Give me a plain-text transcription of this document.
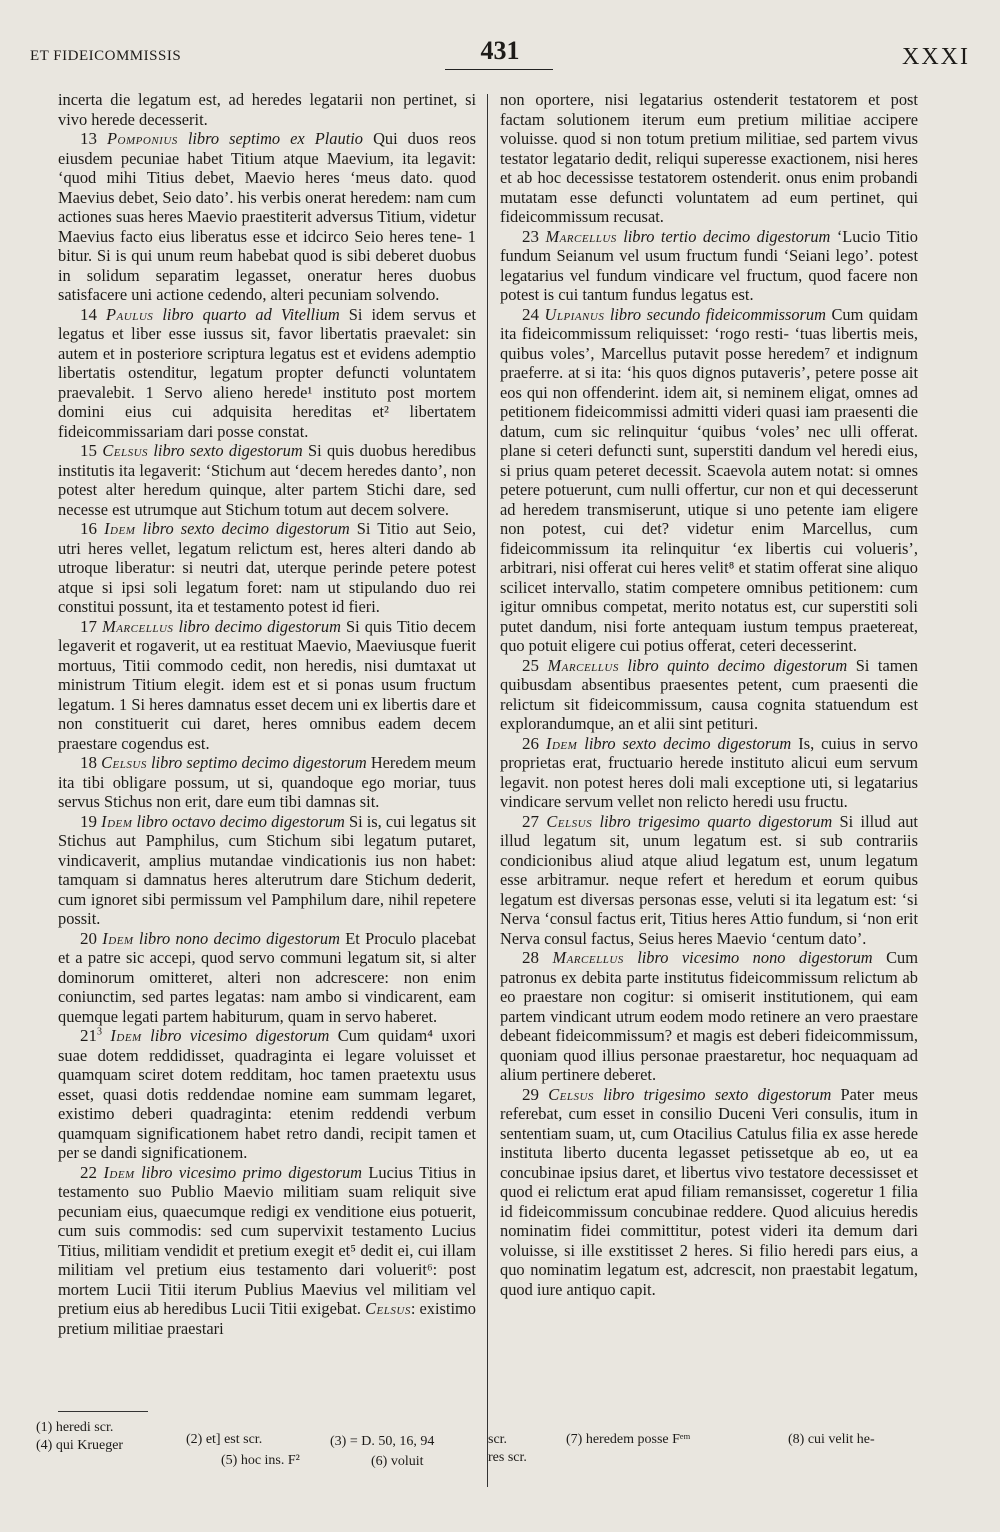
ET FIDEICOMMISSIS	431	XXXI

incerta die legatum est, ad heredes legatarii non pertinet, si vivo herede decesserit.

13 Pomponius libro septimo ex Plautio Qui duos reos eiusdem pecuniae habet Titium atque Maevium, ita legavit: ‘quod mihi Titius debet, Maevio heres ‘meus dato. quod Maevius debet, Seio dato’. his verbis onerat heredem: nam cum actiones suas heres Maevio praestiterit adversus Titium, videtur Maevius facto eius liberatus esse et idcirco Seio heres tene- 1 bitur. Si is qui unum reum habebat quod is sibi deberet duobus in solidum separatim legasset, oneratur heres duobus satisfacere uni actione cedendo, alteri pecuniam solvendo.

14 Paulus libro quarto ad Vitellium Si idem servus et legatus et liber esse iussus sit, favor libertatis praevalet: sin autem et in posteriore scriptura legatus est et evidens ademptio libertatis ostenditur, legatum propter defuncti voluntatem praevalebit. 1 Servo alieno herede¹ instituto post mortem domini eius cui adquisita hereditas et² libertatem fideicommissariam dari posse constat.

15 Celsus libro sexto digestorum Si quis duobus heredibus institutis ita legaverit: ‘Stichum aut ‘decem heredes danto’, non potest alter heredum quinque, alter partem Stichi dare, sed necesse est utrumque aut Stichum totum aut decem solvere.

16 Idem libro sexto decimo digestorum Si Titio aut Seio, utri heres vellet, legatum relictum est, heres alteri dando ab utroque liberatur: si neutri dat, uterque perinde petere potest atque si ipsi soli legatum foret: nam ut stipulando duo rei constitui possunt, ita et testamento potest id fieri.

17 Marcellus libro decimo digestorum Si quis Titio decem legaverit et rogaverit, ut ea restituat Maevio, Maeviusque fuerit mortuus, Titii commodo cedit, non heredis, nisi dumtaxat ut ministrum Titium elegit. idem est et si ponas usum fructum legatum. 1 Si heres damnatus esset decem uni ex libertis dare et non constituerit cui daret, heres omnibus eadem decem praestare cogendus est.

18 Celsus libro septimo decimo digestorum Heredem meum ita tibi obligare possum, ut si, quandoque ego moriar, tuus servus Stichus non erit, dare eum tibi damnas sit.

19 Idem libro octavo decimo digestorum Si is, cui legatus sit Stichus aut Pamphilus, cum Stichum sibi legatum putaret, vindicaverit, amplius mutandae vindicationis ius non habet: tamquam si damnatus heres alterutrum dare Stichum dederit, cum ignoret sibi permissum vel Pamphilum dare, nihil repetere possit.

20 Idem libro nono decimo digestorum Et Proculo placebat et a patre sic accepi, quod servo communi legatum sit, si alter dominorum omitteret, alteri non adcrescere: non enim coniunctim, sed partes legatas: nam ambo si vindicarent, eam quemque legati partem habiturum, quam in servo haberet.

$21^3$ Idem libro vicesimo digestorum Cum quidam⁴ uxori suae dotem reddidisset, quadraginta ei legare voluisset et quamquam sciret dotem redditam, hoc tamen praetextu usus esset, quasi dotis reddendae nomine eam summam legaret, existimo deberi quadraginta: etenim reddendi verbum quamquam significationem habet retro dandi, recipit tamen et per se dandi significationem.

22 Idem libro vicesimo primo digestorum Lucius Titius in testamento suo Publio Maevio militiam suam reliquit sive pecuniam eius, quaecumque redigi ex venditione eius potuerit, cum suis commodis: sed cum supervixit testamento Lucius Titius, militiam vendidit et pretium exegit et⁵ dedit ei, cui illam militiam vel pretium eius testamento dari voluerit⁶: post mortem Lucii Titii iterum Publius Maevius vel militiam vel pretium eius ab heredibus Lucii Titii exigebat. Celsus: existimo pretium militiae praestari

non oportere, nisi legatarius ostenderit testatorem et post factam solutionem iterum eum pretium militiae accipere voluisse. quod si non totum pretium militiae, sed partem vivus testator legatario dedit, reliqui superesse exactionem, nisi heres et ab hoc decessisse testatorem ostenderit. onus enim probandi mutatam esse defuncti voluntatem ad eum pertinet, qui fideicommissum recusat.

23 Marcellus libro tertio decimo digestorum ‘Lucio Titio fundum Seianum vel usum fructum fundi ‘Seiani lego’. potest legatarius vel fundum vindicare vel fructum, quod facere non potest is cui tantum fundus legatus est.

24 Ulpianus libro secundo fideicommissorum Cum quidam ita fideicommissum reliquisset: ‘rogo resti- ‘tuas libertis meis, quibus voles’, Marcellus putavit posse heredem⁷ et indignum praeferre. at si ita: ‘his quos dignos putaveris’, petere posse ait eos qui non offenderint. idem ait, si neminem eligat, omnes ad petitionem fideicommissi admitti videri quasi iam praesenti die datum, cum sic relinquitur ‘quibus ‘voles’ nec ulli offerat. plane si ceteri defuncti sunt, superstiti dandum vel heredi eius, si prius quam peteret decessit. Scaevola autem notat: si omnes petere potuerunt, cum nulli offertur, cur non et qui decesserunt ad heredem transmiserunt, utique si uno petente iam eligere non potest, cui det? videtur enim Marcellus, cum fideicommissum ita relinquitur ‘ex libertis cui volueris’, arbitrari, nisi offerat cui heres velit⁸ et statim offerat sine aliquo scilicet intervallo, statim competere omnibus petitionem: cum igitur omnibus competat, merito notatus est, cur superstiti soli putet dandum, nisi forte antequam iustum tempus praetereat, quo potuit eligere cui potius offerat, ceteri decesserint.

25 Marcellus libro quinto decimo digestorum Si tamen quibusdam absentibus praesentes petent, cum praesenti die relictum sit fideicommissum, causa cognita statuendum est explorandumque, an et alii sint petituri.

26 Idem libro sexto decimo digestorum Is, cuius in servo proprietas erat, fructuario herede instituto alicui eum servum legavit. non potest heres doli mali exceptione uti, si legatarius vindicare servum vellet non relicto heredi usu fructu.

27 Celsus libro trigesimo quarto digestorum Si illud aut illud legatum sit, unum legatum est. si sub contrariis condicionibus aliud atque aliud legatum est, unum legatum esse arbitramur. neque refert et heredum et eorum quibus legatum est diversas personas esse, veluti si ita legatum est: ‘si Nerva ‘consul factus erit, Titius heres Attio fundum, si ‘non erit Nerva consul factus, Seius heres Maevio ‘centum dato’.

28 Marcellus libro vicesimo nono digestorum Cum patronus ex debita parte institutus fideicommissum relictum ab eo praestare non cogitur: si omiserit institutionem, qui eam partem vindicant utrum eodem modo retinere an vero praestare debeant fideicommissum? et magis est deberi fideicommissum, quoniam quod illius personae praestaretur, hoc nequaquam ad alium pertinere deberet.

29 Celsus libro trigesimo sexto digestorum Pater meus referebat, cum esset in consilio Duceni Veri consulis, itum in sententiam suam, ut, cum Otacilius Catulus filia ex asse herede instituta liberto ducenta legasset petissetque ab eo, ut ea concubinae ipsius daret, et libertus vivo testatore decessisset et quod ei relictum erat apud filiam remansisset, cogeretur 1 filia id fideicommissum concubinae reddere. Quod alicuius heredis nominatim fidei committitur, potest videri ita demum dari voluisse, si ille exstitisset 2 heres. Si filio heredi pars eius, a quo nominatim legatum est, adcrescit, non praestabit legatum, quod iure antiquo capit.

(1) heredi scr.
(4) qui Krueger	(2) et] est scr.
(5) hoc ins. F²
(3) = D. 50, 16, 94
(6) voluit
scr.
res scr.
(7) heredem posse Fᵉᵐ	(8) cui velit he-
